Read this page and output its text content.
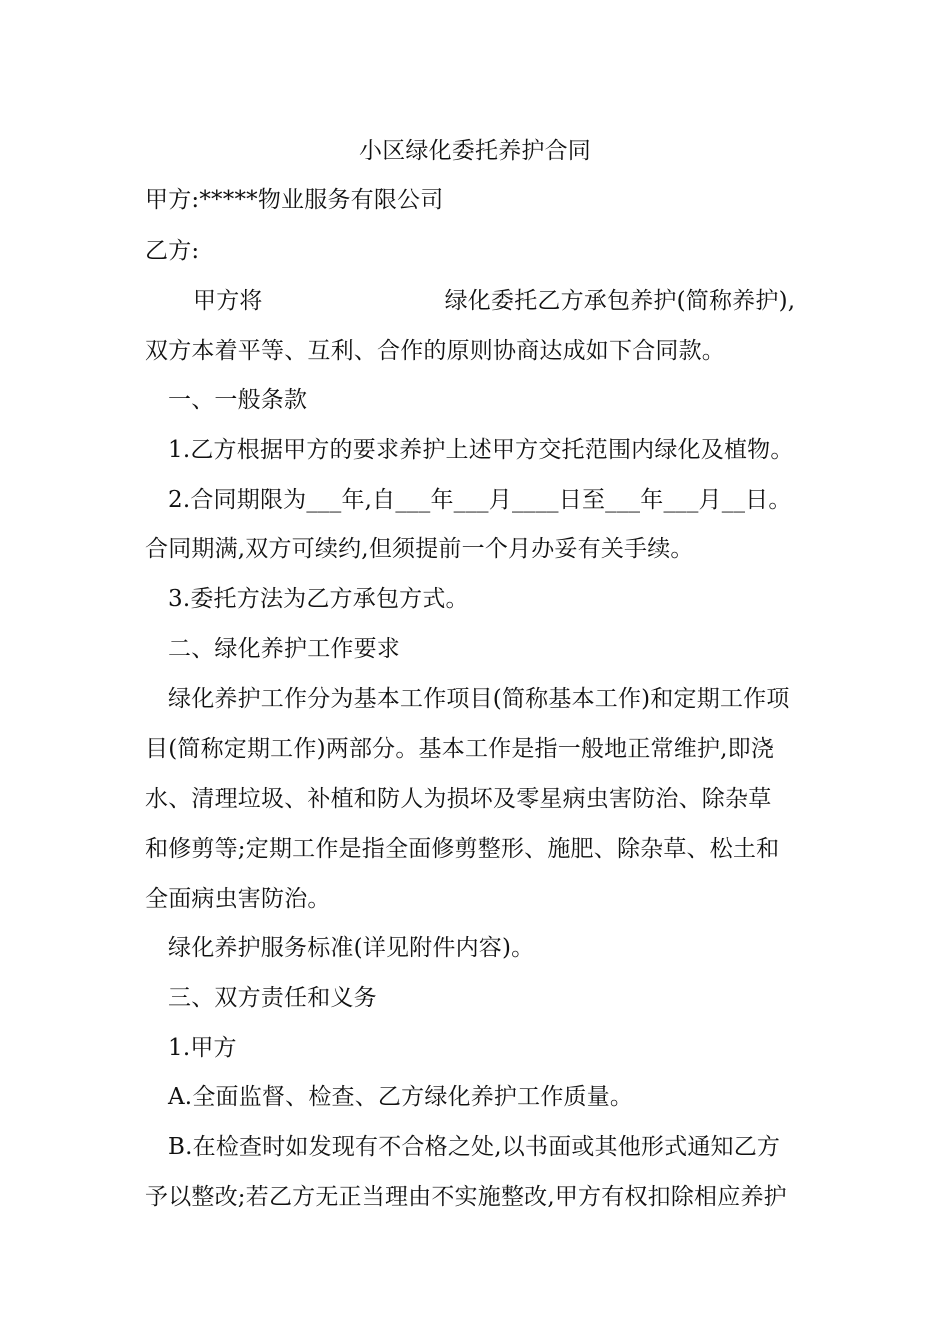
小区绿化委托养护合同
甲方:*****物业服务有限公司
乙方:
甲方将	绿化委托乙方承包养护(简称养护),
双方本着平等、互利、合作的原则协商达成如下合同款。
一、一般条款
1.乙方根据甲方的要求养护上述甲方交托范围内绿化及植物。
2.合同期限为___年,自___年___月____日至___年___月__日。
合同期满,双方可续约,但须提前一个月办妥有关手续。
3.委托方法为乙方承包方式。
二、绿化养护工作要求
绿化养护工作分为基本工作项目(简称基本工作)和定期工作项
目(简称定期工作)两部分。基本工作是指一般地正常维护,即浇
水、清理垃圾、补植和防人为损坏及零星病虫害防治、除杂草
和修剪等;定期工作是指全面修剪整形、施肥、除杂草、松土和
全面病虫害防治。
绿化养护服务标准(详见附件内容)。
三、双方责任和义务
1.甲方
A.全面监督、检查、乙方绿化养护工作质量。
B.在检查时如发现有不合格之处,以书面或其他形式通知乙方
予以整改;若乙方无正当理由不实施整改,甲方有权扣除相应养护
